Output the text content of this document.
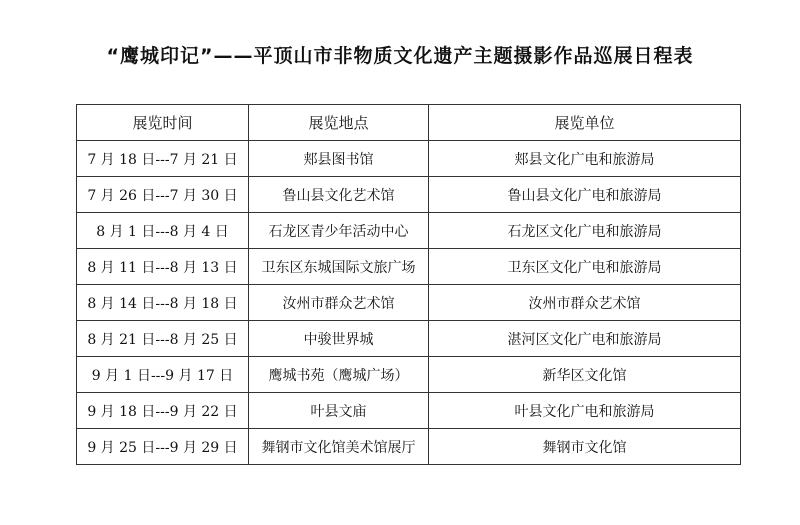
“鹰城印记”——平顶山市非物质文化遗产主题摄影作品巡展日程表
展览时间	展览地点	展览单位
7 月 18 日---7 月 21 日	郏县图书馆	郏县文化广电和旅游局
7 月 26 日---7 月 30 日	鲁山县文化艺术馆	鲁山县文化广电和旅游局
8 月 1 日---8 月 4 日	石龙区青少年活动中心	石龙区文化广电和旅游局
8 月 11 日---8 月 13 日	卫东区东城国际文旅广场	卫东区文化广电和旅游局
8 月 14 日---8 月 18 日	汝州市群众艺术馆	汝州市群众艺术馆
8 月 21 日---8 月 25 日	中骏世界城	湛河区文化广电和旅游局
9 月 1 日---9 月 17 日	鹰城书苑（鹰城广场）	新华区文化馆
9 月 18 日---9 月 22 日	叶县文庙	叶县文化广电和旅游局
9 月 25 日---9 月 29 日	舞钢市文化馆美术馆展厅	舞钢市文化馆
